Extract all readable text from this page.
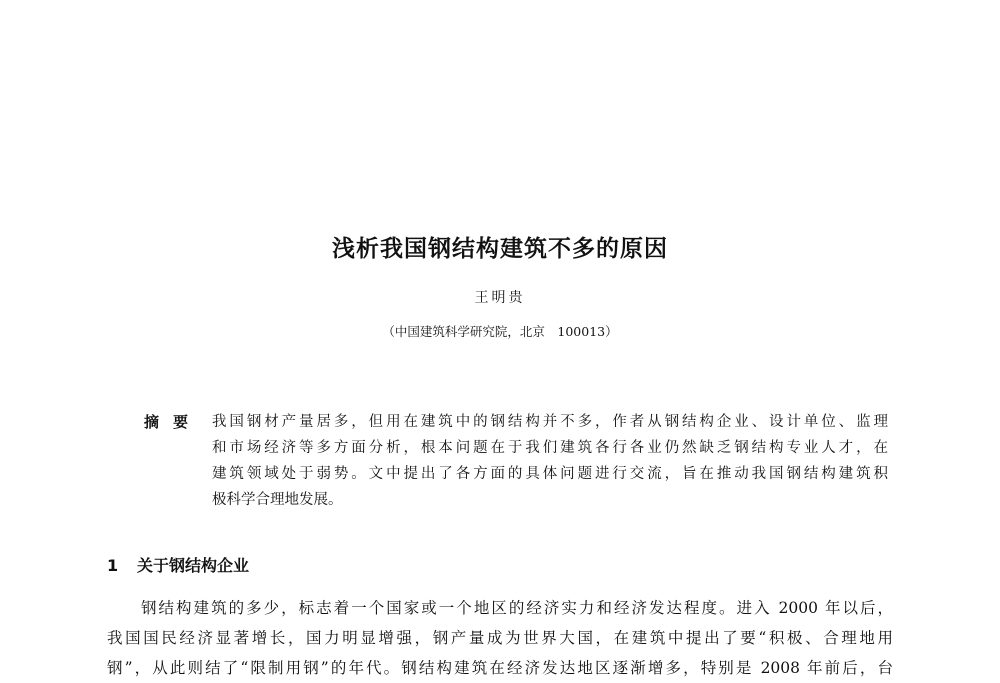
浅析我国钢结构建筑不多的原因
王明贵
（中国建筑科学研究院，北京　100013）
摘要 我国钢材产量居多，但用在建筑中的钢结构并不多，作者从钢结构企业、设计单位、监理
和市场经济等多方面分析，根本问题在于我们建筑各行各业仍然缺乏钢结构专业人才，在
建筑领域处于弱势。文中提出了各方面的具体问题进行交流，旨在推动我国钢结构建筑积
极科学合理地发展。
1 关于钢结构企业
钢结构建筑的多少，标志着一个国家或一个地区的经济实力和经济发达程度。进入 2000 年以后，
我国国民经济显著增长，国力明显增强，钢产量成为世界大国，在建筑中提出了要“积极、合理地用
钢”，从此则结了“限制用钢”的年代。钢结构建筑在经济发达地区逐渐增多，特别是 2008 年前后，台
